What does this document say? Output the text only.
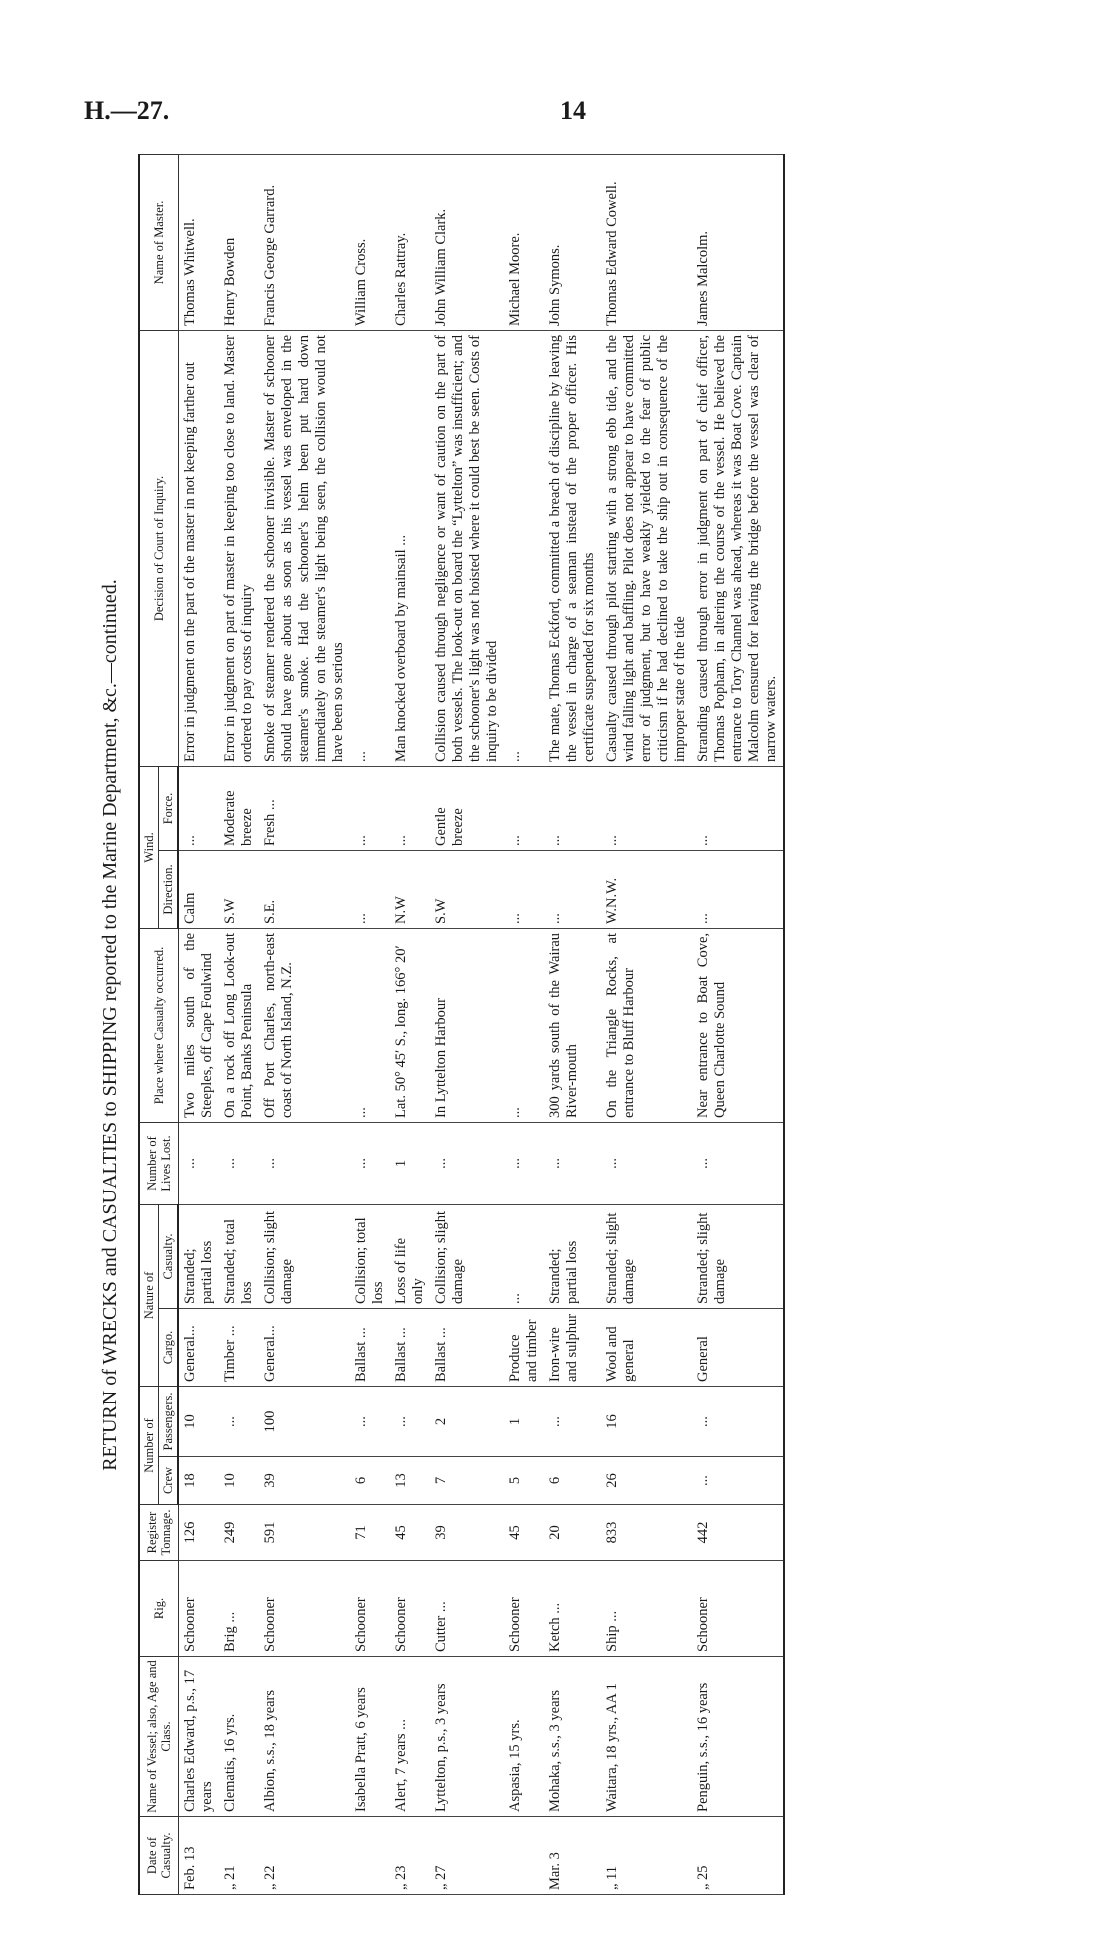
H.—27.	14
RETURN of WRECKS and CASUALTIES to SHIPPING reported to the Marine Department, &c.—continued.
Date of Casualty.	Name of Vessel; also, Age and Class.	Rig.	Register Tonnage.	Number of		Nature of		Number of Lives Lost.	Place where Casualty occurred.	Wind.		Decision of Court of Inquiry.	Name of Master.
				Crew	Passengers.	Cargo.	Casualty.			Direction.	Force.		
Feb. 13	Charles Edward, p.s., 17 years	Schooner	126	18	10	General...	Stranded; partial loss	...	Two miles south of the Steeples, off Cape Foulwind	Calm	...	Error in judgment on the part of the master in not keeping farther out	Thomas Whitwell.
„ 21	Clematis, 16 yrs.	Brig ...	249	10	...	Timber ...	Stranded; total loss	...	On a rock off Long Look-out Point, Banks Peninsula	S.W	Moderate breeze	Error in judgment on part of master in keeping too close to land. Master ordered to pay costs of inquiry	Henry Bowden
„ 22	Albion, s.s., 18 years	Schooner	591	39	100	General...	Collision; slight damage	...	Off Port Charles, north-east coast of North Island, N.Z.	S.E.	Fresh ...	Smoke of steamer rendered the schooner invisible. Master of schooner should have gone about as soon as his vessel was enveloped in the steamer's smoke. Had the schooner's helm been put hard down immediately on the steamer's light being seen, the collision would not have been so serious	Francis George Garrard.
	Isabella Pratt, 6 years	Schooner	71	6	...	Ballast ...	Collision; total loss	...	...	...	...	...	William Cross.
„ 23	Alert, 7 years ...	Schooner	45	13	...	Ballast ...	Loss of life only	1	Lat. 50° 45′ S., long. 166° 20′	N.W	...	Man knocked overboard by mainsail ...	Charles Rattray.
„ 27	Lyttelton, p.s., 3 years	Cutter ...	39	7	2	Ballast ...	Collision; slight damage	...	In Lyttelton Harbour	S.W	Gentle breeze	Collision caused through negligence or want of caution on the part of both vessels. The look-out on board the “Lyttelton” was insufficient; and the schooner's light was not hoisted where it could best be seen. Costs of inquiry to be divided	John William Clark.
	Aspasia, 15 yrs.	Schooner	45	5	1	Produce and timber	...	...	...	...	...	...	Michael Moore.
Mar. 3	Mohaka, s.s., 3 years	Ketch ...	20	6	...	Iron-wire and sulphur	Stranded; partial loss	...	300 yards south of the Wairau River-mouth	...	...	The mate, Thomas Eckford, committed a breach of discipline by leaving the vessel in charge of a seaman instead of the proper officer. His certificate suspended for six months	John Symons.
„ 11	Waitara, 18 yrs., AA 1	Ship ...	833	26	16	Wool and general	Stranded; slight damage	...	On the Triangle Rocks, at entrance to Bluff Harbour	W.N.W.	...	Casualty caused through pilot starting with a strong ebb tide, and the wind falling light and baffling. Pilot does not appear to have committed error of judgment, but to have weakly yielded to the fear of public criticism if he had declined to take the ship out in consequence of the improper state of the tide	Thomas Edward Cowell.
„ 25	Penguin, s.s., 16 years	Schooner	442	...	...	General	Stranded; slight damage	...	Near entrance to Boat Cove, Queen Charlotte Sound	...	...	Stranding caused through error in judgment on part of chief officer, Thomas Popham, in altering the course of the vessel. He believed the entrance to Tory Channel was ahead, whereas it was Boat Cove. Captain Malcolm censured for leaving the bridge before the vessel was clear of narrow waters.	James Malcolm.
